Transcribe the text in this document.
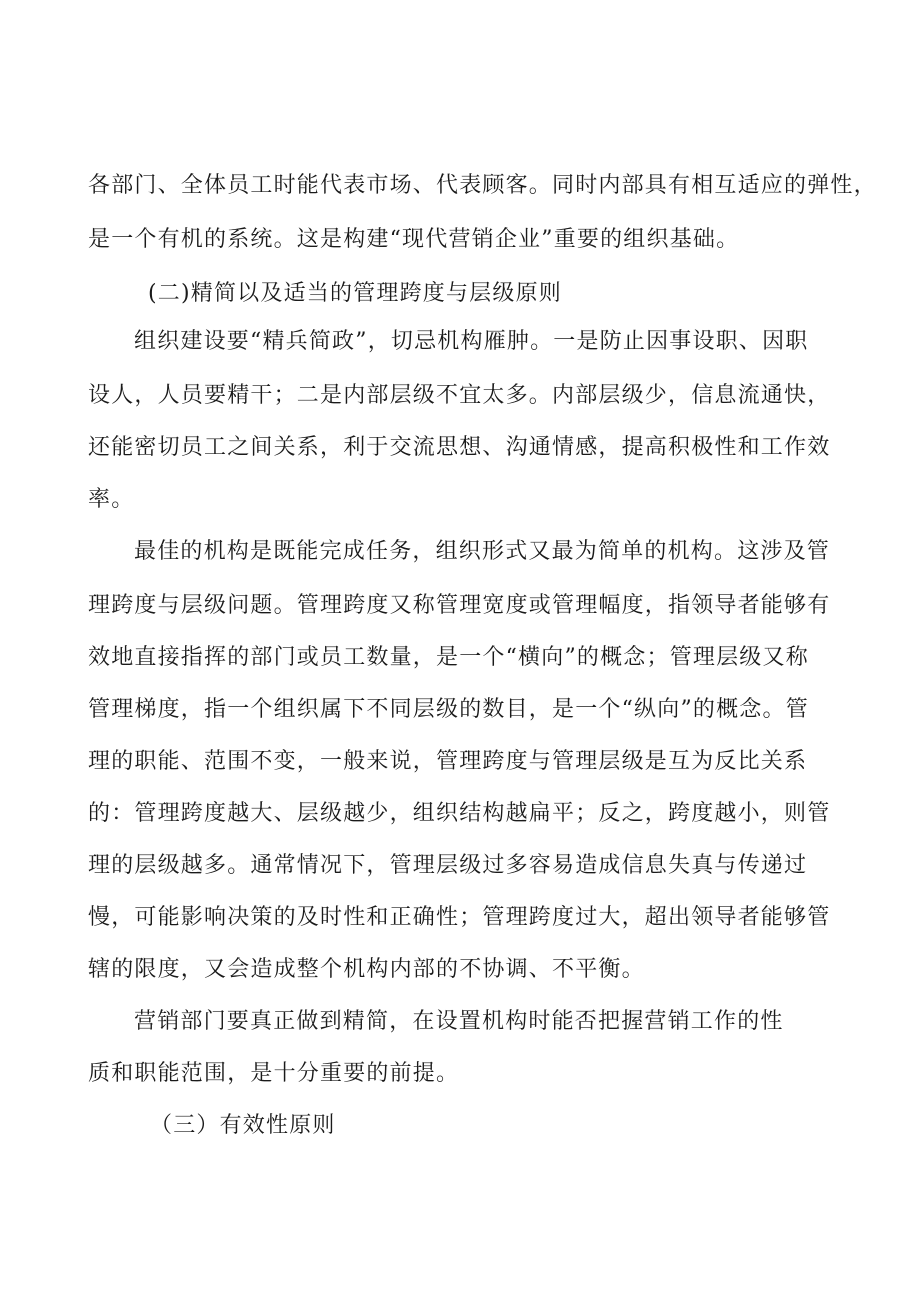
各部门、全体员工时能代表市场、代表顾客。同时内部具有相互适应的弹性，
是一个有机的系统。这是构建“现代营销企业”重要的组织基础。
(二)精简以及适当的管理跨度与层级原则
组织建设要“精兵简政”，切忌机构雁肿。一是防止因事设职、因职
设人，人员要精干；二是内部层级不宜太多。内部层级少，信息流通快，
还能密切员工之间关系，利于交流思想、沟通情感，提高积极性和工作效
率。
最佳的机构是既能完成任务，组织形式又最为简单的机构。这涉及管
理跨度与层级问题。管理跨度又称管理宽度或管理幅度，指领导者能够有
效地直接指挥的部门或员工数量，是一个“横向”的概念；管理层级又称
管理梯度，指一个组织属下不同层级的数目，是一个“纵向”的概念。管
理的职能、范围不变，一般来说，管理跨度与管理层级是互为反比关系
的：管理跨度越大、层级越少，组织结构越扁平；反之，跨度越小，则管
理的层级越多。通常情况下，管理层级过多容易造成信息失真与传递过
慢，可能影响决策的及时性和正确性；管理跨度过大，超出领导者能够管
辖的限度，又会造成整个机构内部的不协调、不平衡。
营销部门要真正做到精简，在设置机构时能否把握营销工作的性
质和职能范围，是十分重要的前提。
（三）有效性原则
